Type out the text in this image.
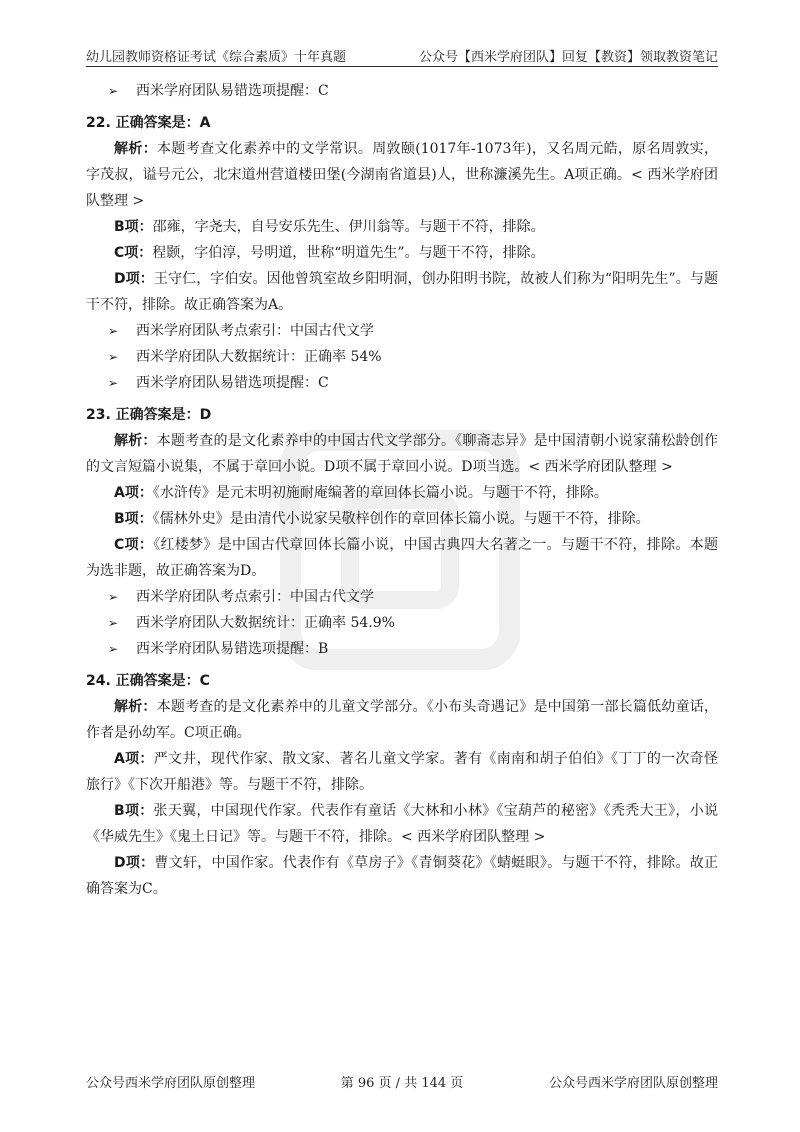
幼儿园教师资格证考试《综合素质》十年真题	公众号【西米学府团队】回复【教资】领取教资笔记
➢ 西米学府团队易错选项提醒：C
22. 正确答案是：A
解析：本题考查文化素养中的文学常识。周敦颐(1017年-1073年)，又名周元皓，原名周敦实，字茂叔，谥号元公，北宋道州营道楼田堡(今湖南省道县)人，世称濂溪先生。A项正确。< 西米学府团队整理 >
B项：邵雍，字尧夫，自号安乐先生、伊川翁等。与题干不符，排除。
C项：程颢，字伯淳，号明道，世称“明道先生”。与题干不符，排除。
D项：王守仁，字伯安。因他曾筑室故乡阳明洞，创办阳明书院，故被人们称为“阳明先生”。与题干不符，排除。故正确答案为A。
➢ 西米学府团队考点索引：中国古代文学
➢ 西米学府团队大数据统计：正确率 54%
➢ 西米学府团队易错选项提醒：C
23. 正确答案是：D
解析：本题考查的是文化素养中的中国古代文学部分。《聊斋志异》是中国清朝小说家蒲松龄创作的文言短篇小说集，不属于章回小说。D项不属于章回小说。D项当选。< 西米学府团队整理 >
A项：《水浒传》是元末明初施耐庵编著的章回体长篇小说。与题干不符，排除。
B项：《儒林外史》是由清代小说家吴敬梓创作的章回体长篇小说。与题干不符，排除。
C项：《红楼梦》是中国古代章回体长篇小说，中国古典四大名著之一。与题干不符，排除。本题为选非题，故正确答案为D。
➢ 西米学府团队考点索引：中国古代文学
➢ 西米学府团队大数据统计：正确率 54.9%
➢ 西米学府团队易错选项提醒：B
24. 正确答案是：C
解析：本题考查的是文化素养中的儿童文学部分。《小布头奇遇记》是中国第一部长篇低幼童话，作者是孙幼军。C项正确。
A项：严文井，现代作家、散文家、著名儿童文学家。著有《南南和胡子伯伯》《丁丁的一次奇怪旅行》《下次开船港》等。与题干不符，排除。
B项：张天翼，中国现代作家。代表作有童话《大林和小林》《宝葫芦的秘密》《秃秃大王》，小说《华威先生》《鬼土日记》等。与题干不符，排除。< 西米学府团队整理 >
D项：曹文轩，中国作家。代表作有《草房子》《青铜葵花》《蜻蜓眼》。与题干不符，排除。故正确答案为C。
公众号西米学府团队原创整理	第 96 页 / 共 144 页	公众号西米学府团队原创整理
